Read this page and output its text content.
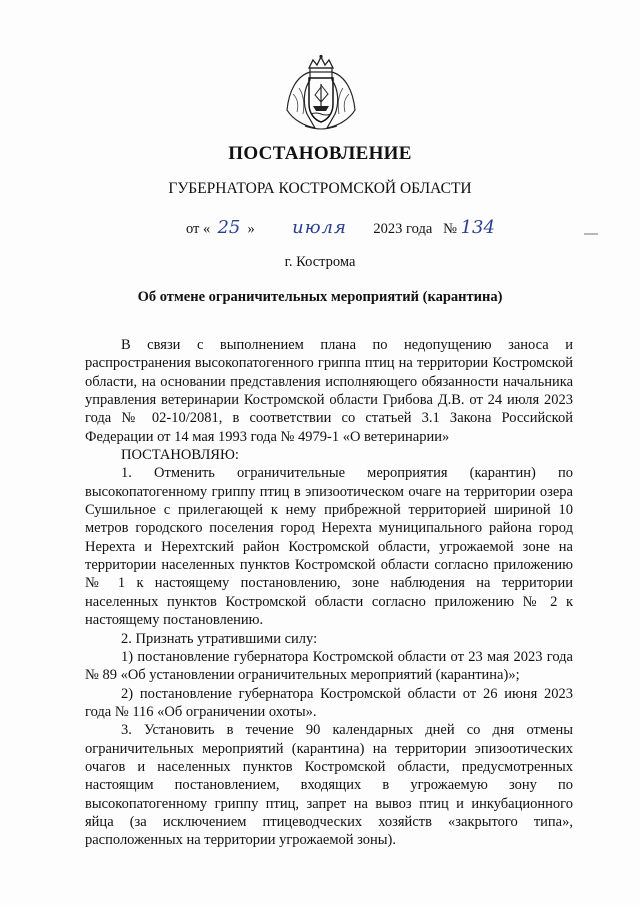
ПОСТАНОВЛЕНИЕ
ГУБЕРНАТОРА КОСТРОМСКОЙ ОБЛАСТИ
от « 25 » июля 2023 года № 134
г. Кострома
Об отмене ограничительных мероприятий (карантина)

В связи с выполнением плана по недопущению заноса и распространения высокопатогенного гриппа птиц на территории Костромской области, на основании представления исполняющего обязанности начальника управления ветеринарии Костромской области Грибова Д.В. от 24 июля 2023 года № 02-10/2081, в соответствии со статьей 3.1 Закона Российской Федерации от 14 мая 1993 года № 4979-1 «О ветеринарии»

ПОСТАНОВЛЯЮ:

1. Отменить ограничительные мероприятия (карантин) по высокопатогенному гриппу птиц в эпизоотическом очаге на территории озера Сушильное с прилегающей к нему прибрежной территорией шириной 10 метров городского поселения город Нерехта муниципального района город Нерехта и Нерехтский район Костромской области, угрожаемой зоне на территории населенных пунктов Костромской области согласно приложению № 1 к настоящему постановлению, зоне наблюдения на территории населенных пунктов Костромской области согласно приложению № 2 к настоящему постановлению.

2. Признать утратившими силу:

1) постановление губернатора Костромской области от 23 мая 2023 года № 89 «Об установлении ограничительных мероприятий (карантина)»;

2) постановление губернатора Костромской области от 26 июня 2023 года № 116 «Об ограничении охоты».

3. Установить в течение 90 календарных дней со дня отмены ограничительных мероприятий (карантина) на территории эпизоотических очагов и населенных пунктов Костромской области, предусмотренных настоящим постановлением, входящих в угрожаемую зону по высокопатогенному гриппу птиц, запрет на вывоз птиц и инкубационного яйца (за исключением птицеводческих хозяйств «закрытого типа», расположенных на территории угрожаемой зоны).
